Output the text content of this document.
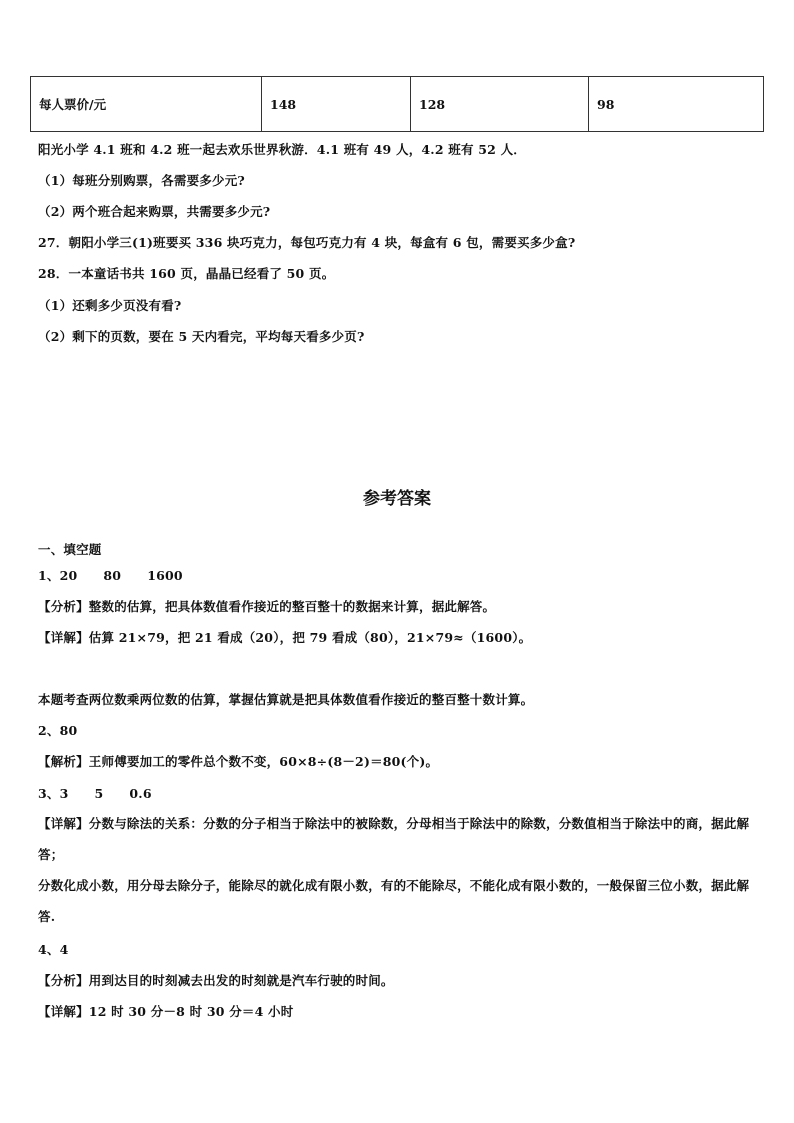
每人票价/元	148	128	98
阳光小学 4.1 班和 4.2 班一起去欢乐世界秋游．4.1 班有 49 人，4.2 班有 52 人．
（1）每班分别购票，各需要多少元?
（2）两个班合起来购票，共需要多少元?
27．朝阳小学三(1)班要买 336 块巧克力，每包巧克力有 4 块，每盒有 6 包，需要买多少盒?
28．一本童话书共 160 页，晶晶已经看了 50 页。
（1）还剩多少页没有看?
（2）剩下的页数，要在 5 天内看完，平均每天看多少页?
参考答案
一、填空题
1、20 80 1600
【分析】整数的估算，把具体数值看作接近的整百整十的数据来计算，据此解答。
【详解】估算 21×79，把 21 看成（20），把 79 看成（80），21×79≈（1600）。
本题考查两位数乘两位数的估算，掌握估算就是把具体数值看作接近的整百整十数计算。
2、80
【解析】王师傅要加工的零件总个数不变，60×8÷(8－2)＝80(个)。
3、3 5 0.6
【详解】分数与除法的关系：分数的分子相当于除法中的被除数，分母相当于除法中的除数，分数值相当于除法中的商，据此解答；
分数化成小数，用分母去除分子，能除尽的就化成有限小数，有的不能除尽，不能化成有限小数的，一般保留三位小数，据此解答.
4、4
【分析】用到达目的时刻减去出发的时刻就是汽车行驶的时间。
【详解】12 时 30 分－8 时 30 分＝4 小时
